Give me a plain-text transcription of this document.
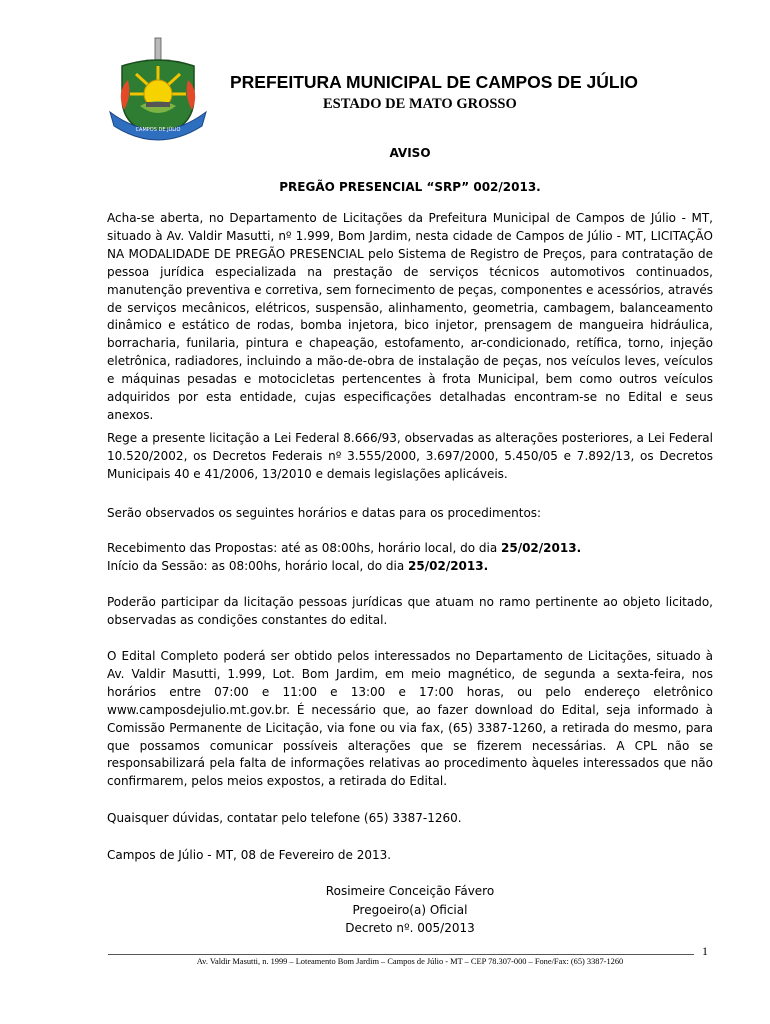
CAMPOS DE JÚLIO
PREFEITURA MUNICIPAL DE CAMPOS DE JÚLIO
ESTADO DE MATO GROSSO
AVISO
PREGÃO PRESENCIAL “SRP” 002/2013.

Acha-se aberta, no Departamento de Licitações da Prefeitura Municipal de Campos de Júlio - MT, situado à Av. Valdir Masutti, nº 1.999, Bom Jardim, nesta cidade de Campos de Júlio - MT, LICITAÇÃO NA MODALIDADE DE PREGÃO PRESENCIAL pelo Sistema de Registro de Preços, para contratação de pessoa jurídica especializada na prestação de serviços técnicos automotivos continuados, manutenção preventiva e corretiva, sem fornecimento de peças, componentes e acessórios, através de serviços mecânicos, elétricos, suspensão, alinhamento, geometria, cambagem, balanceamento dinâmico e estático de rodas, bomba injetora, bico injetor, prensagem de mangueira hidráulica, borracharia, funilaria, pintura e chapeação, estofamento, ar-condicionado, retífica, torno, injeção eletrônica, radiadores, incluindo a mão-de-obra de instalação de peças, nos veículos leves, veículos e máquinas pesadas e motocicletas pertencentes à frota Municipal, bem como outros veículos adquiridos por esta entidade, cujas especificações detalhadas encontram-se no Edital e seus anexos.

Rege a presente licitação a Lei Federal 8.666/93, observadas as alterações posteriores, a Lei Federal 10.520/2002, os Decretos Federais nº 3.555/2000, 3.697/2000, 5.450/05 e 7.892/13, os Decretos Municipais 40 e 41/2006, 13/2010 e demais legislações aplicáveis.

Serão observados os seguintes horários e datas para os procedimentos:

Recebimento das Propostas: até as 08:00hs, horário local, do dia 25/02/2013.

Início da Sessão: as 08:00hs, horário local, do dia 25/02/2013.

Poderão participar da licitação pessoas jurídicas que atuam no ramo pertinente ao objeto licitado, observadas as condições constantes do edital.

O Edital Completo poderá ser obtido pelos interessados no Departamento de Licitações, situado à Av. Valdir Masutti, 1.999, Lot. Bom Jardim, em meio magnético, de segunda a sexta-feira, nos horários entre 07:00 e 11:00 e 13:00 e 17:00 horas, ou pelo endereço eletrônico www.camposdejulio.mt.gov.br. É necessário que, ao fazer download do Edital, seja informado à Comissão Permanente de Licitação, via fone ou via fax, (65) 3387-1260, a retirada do mesmo, para que possamos comunicar possíveis alterações que se fizerem necessárias. A CPL não se responsabilizará pela falta de informações relativas ao procedimento àqueles interessados que não confirmarem, pelos meios expostos, a retirada do Edital.

Quaisquer dúvidas, contatar pelo telefone (65) 3387-1260.

Campos de Júlio - MT, 08 de Fevereiro de 2013.

Rosimeire Conceição Fávero
Pregoeiro(a) Oficial
Decreto nº. 005/2013
Av. Valdir Masutti, n. 1999 – Loteamento Bom Jardim – Campos de Júlio - MT – CEP 78.307-000 – Fone/Fax: (65) 3387-1260
1
